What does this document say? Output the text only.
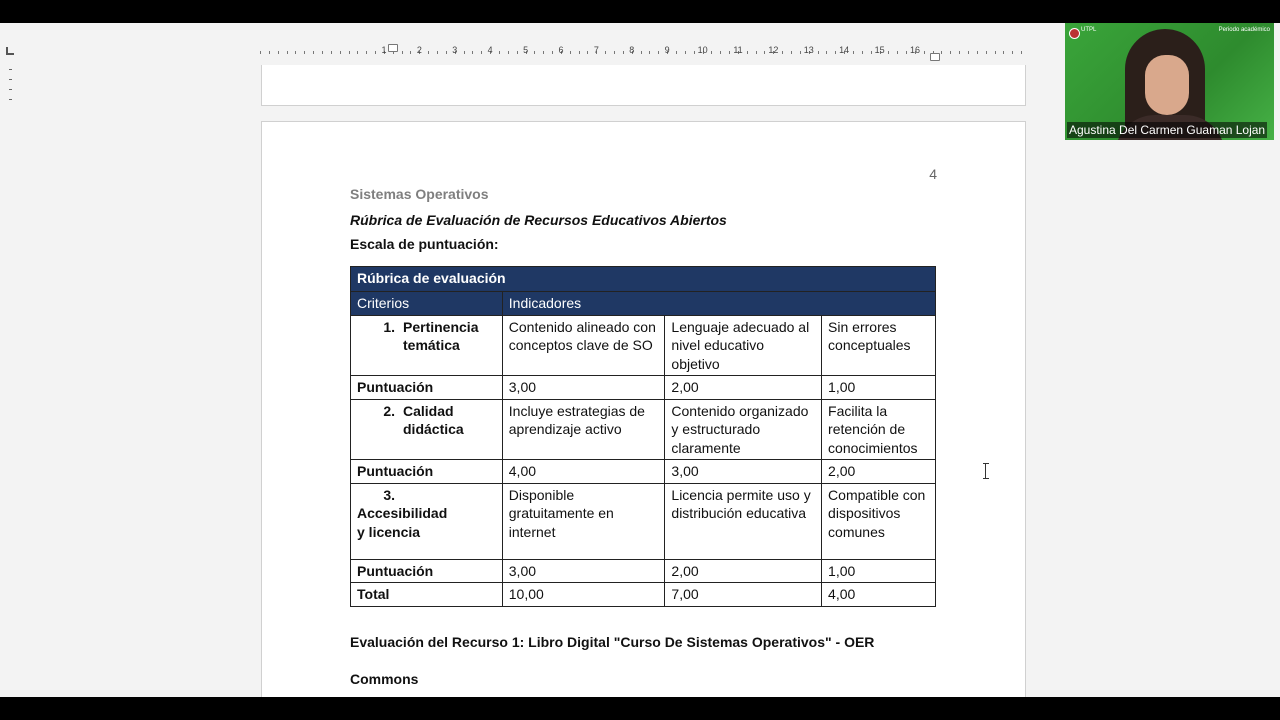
1	2	3	4	5	6	7	8	9	10	11	12	13	14	15	16
4
Sistemas Operativos
Rúbrica de Evaluación de Recursos Educativos Abiertos
Escala de puntuación:
Rúbrica de evaluación			
Criterios	Indicadores		
1. Pertinencia temática	Contenido alineado con conceptos clave de SO	Lenguaje adecuado al nivel educativo objetivo	Sin errores conceptuales
Puntuación	3,00	2,00	1,00
2. Calidad didáctica	Incluye estrategias de aprendizaje activo	Contenido organizado y estructurado claramente	Facilita la retención de conocimientos
Puntuación	4,00	3,00	2,00
3.Accesibilidad y licencia	Disponible gratuitamente en internet	Licencia permite uso y distribución educativa	Compatible con dispositivos comunes
Puntuación	3,00	2,00	1,00
Total	10,00	7,00	4,00
Evaluación del Recurso 1: Libro Digital "Curso De Sistemas Operativos" - OER
Commons
UTPL	Periodo académico
Agustina Del Carmen Guaman Lojan
